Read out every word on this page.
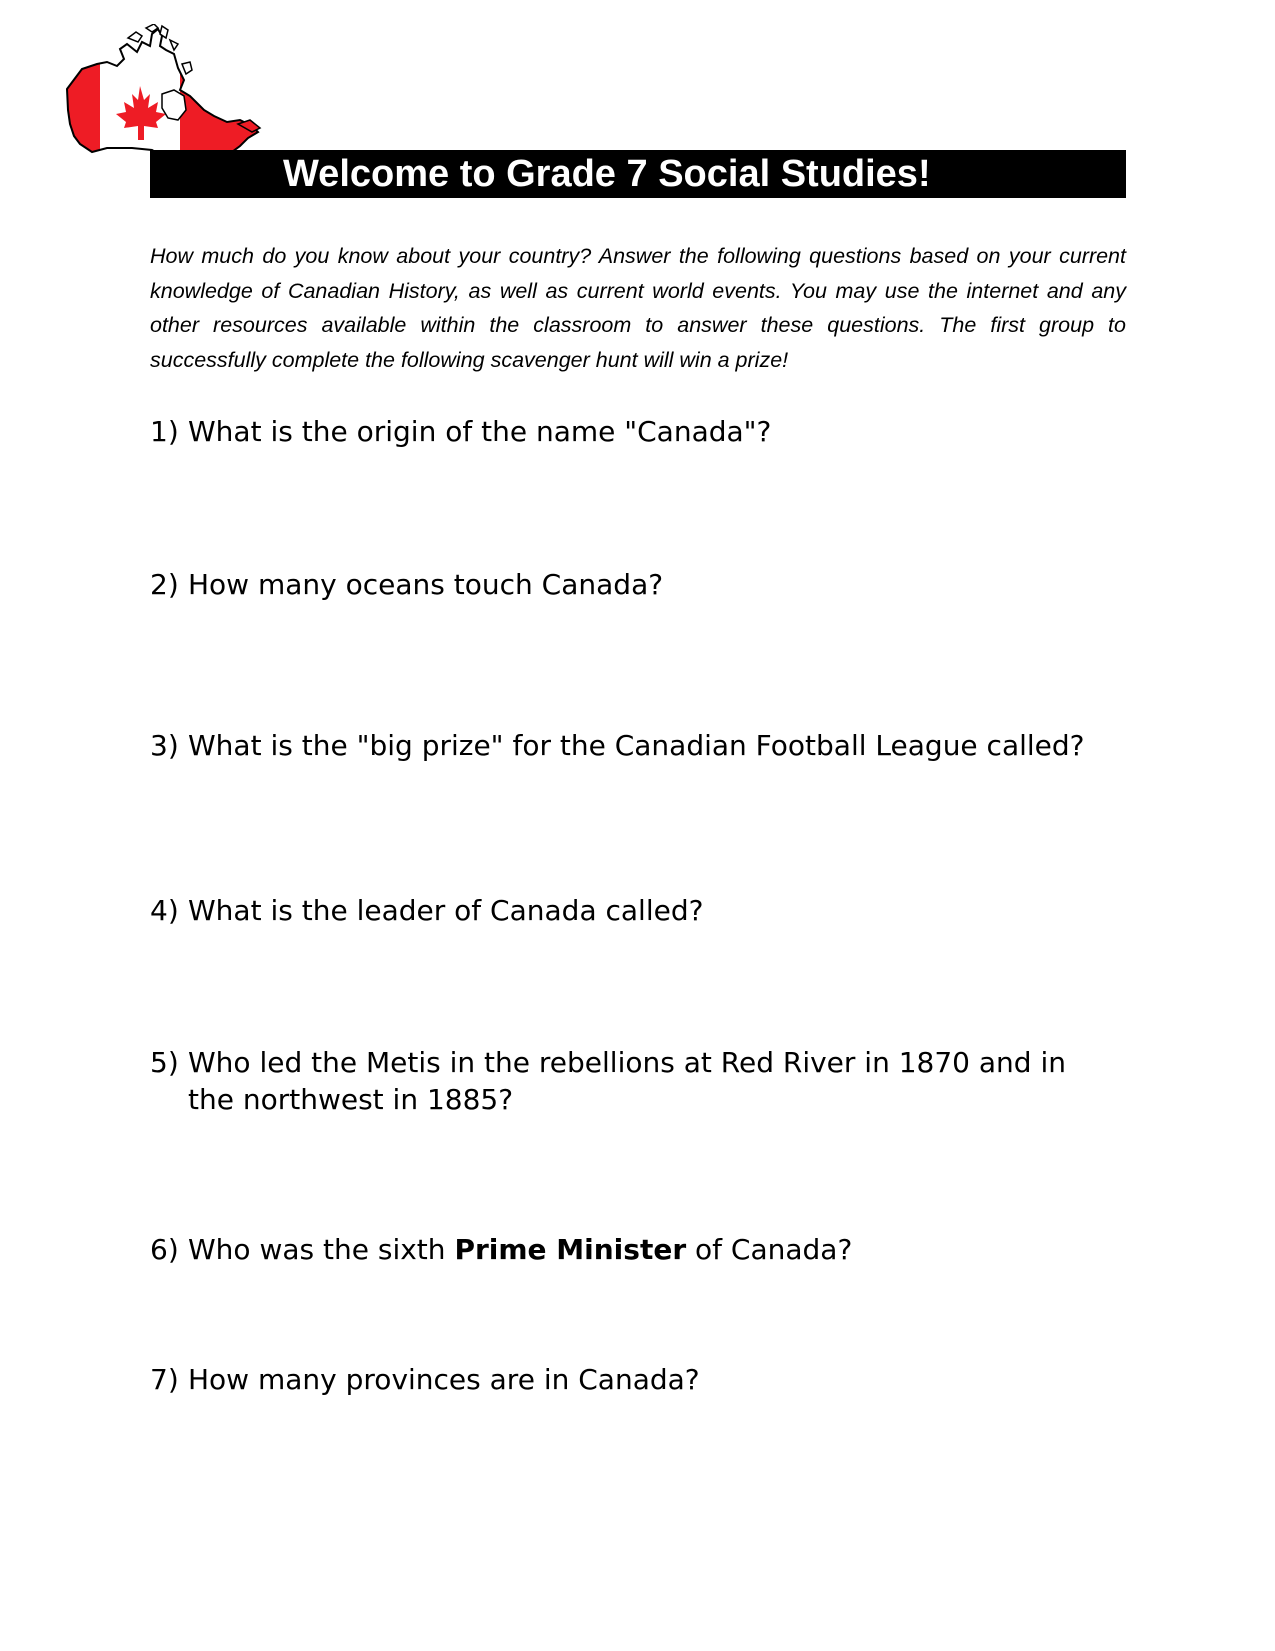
Welcome to Grade 7 Social Studies!

How much do you know about your country? Answer the following questions based on your current knowledge of Canadian History, as well as current world events. You may use the internet and any other resources available within the classroom to answer these questions. The first group to successfully complete the following scavenger hunt will win a prize!

1) What is the origin of the name "Canada"?
2) How many oceans touch Canada?
3) What is the "big prize" for the Canadian Football League called?
4) What is the leader of Canada called?
5) Who led the Metis in the rebellions at Red River in 1870 and in the northwest in 1885?
6) Who was the sixth Prime Minister of Canada?
7) How many provinces are in Canada?
